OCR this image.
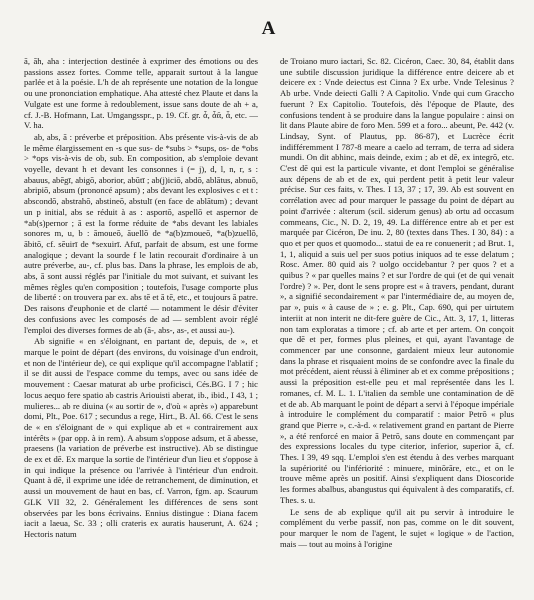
A

ā, āh, aha : interjection destinée à exprimer des émotions ou des passions assez fortes. Comme telle, apparait surtout à la langue parlée et à la poésie. L'h de ah représente une notation de la longue ou une prononciation emphatique. Aha attesté chez Plaute et dans la Vulgate est une forme à redoublement, issue sans doute de ah + a, cf. J.-B. Hofmann, Lat. Umgangsspr., p. 19. Cf. gr. ἆ, ἆᾶ, ἆ, etc. — V. ha.

ab, abs, ā : préverbe et préposition. Abs présente vis-à-vis de ab le même élargissement en -s que sus- de *subs > *sups, os- de *obs > *ops vis-à-vis de ob, sub. En composition, ab s'emploie devant voyelle, devant h et devant les consonnes i (= j), d, l, n, r, s : abauus, abēgī, abigō, aborior, abūtī ; ab(j)iciō, abdō, ablātus, abnuō, abripiō, absum (prononcé apsum) ; abs devant les explosives c et t : abscondō, abstrahō, abstineō, abstulī (en face de ablātum) ; devant un p initial, abs se réduit à as : asportō, aspellō et aspernor de *ab(s)pernor ; ā est la forme réduite de *abs devant les labiales sonores m, u, b : āmoueō, āuellō de *a(b)zmoueō, *a(b)zuellō, ābitō, cf. sēuirī de *sexuirī. Afuī, parfait de absum, est une forme analogique ; devant la sourde f le latin recourait d'ordinaire à un autre préverbe, au-, cf. plus bas. Dans la phrase, les emplois de ab, abs, ā sont aussi réglés par l'initiale du mot suivant, et suivant les mêmes règles qu'en composition ; toutefois, l'usage comporte plus de liberté : on trouvera par ex. abs tē et ā tē, etc., et toujours ā patre. Des raisons d'euphonie et de clarté — notamment le désir d'éviter des confusions avec les composés de ad — semblent avoir réglé l'emploi des diverses formes de ab (ā-, abs-, as-, et aussi au-).

Ab signifie « en s'éloignant, en partant de, depuis, de », et marque le point de départ (des environs, du voisinage d'un endroit, et non de l'intérieur de), ce qui explique qu'il accompagne l'ablatif ; il se dit aussi de l'espace comme du temps, avec ou sans idée de mouvement : Caesar maturat ab urbe proficisci, Cés.BG. I 7 ; hic locus aequo fere spatio ab castris Ariouisti aberat, ib., ibid., I 43, 1 ; mulieres... ab re diuina (« au sortir de », d'où « après ») apparebunt domi, Plt., Poe. 617 ; secundus a rege, Hirt., B. Al. 66. C'est le sens de « en s'éloignant de » qui explique ab et « contrairement aux intérêts » (par opp. à in rem). A absum s'oppose adsum, et ā abesse, praesens (la variation de préverbe est instructive). Ab se distingue de ex et dē. Ex marque la sortie de l'intérieur d'un lieu et s'oppose à in qui indique la présence ou l'arrivée à l'intérieur d'un endroit. Quant à dē, il exprime une idée de retranchement, de diminution, et aussi un mouvement de haut en bas, cf. Varron, fgm. ap. Scaurum GLK VII 32, 2. Généralement les différences de sens sont observées par les bons écrivains. Ennius distingue : Diana facem iacit a laeua, Sc. 33 ; olli crateris ex auratis hauserunt, A. 624 ; Hectoris natum

de Troiano muro iactari, Sc. 82. Cicéron, Caec. 30, 84, établit dans une subtile discussion juridique la différence entre deicere ab et deicere ex : Vnde deiectus est Cinna ? Ex urbe. Vnde Telesinus ? Ab urbe. Vnde deiecti Galli ? A Capitolio. Vnde qui cum Graccho fuerunt ? Ex Capitolio. Toutefois, dès l'époque de Plaute, des confusions tendent à se produire dans la langue populaire : ainsi on lit dans Plaute abire de foro Men. 599 et a foro... abeunt, Pe. 442 (v. Lindsay, Synt. of Plautus, pp. 86-87), et Lucrèce écrit indifféremment I 787-8 meare a caelo ad terram, de terra ad sidera mundi. On dit abhinc, mais deinde, exim ; ab et dē, ex integrō, etc. C'est dē qui est la particule vivante, et dont l'emploi se généralise aux dépens de ab et de ex, qui perdent petit à petit leur valeur précise. Sur ces faits, v. Thes. I 13, 37 ; 17, 39. Ab est souvent en corrélation avec ad pour marquer le passage du point de départ au point d'arrivée : alterum (scil. siderum genus) ab ortu ad occasum commeans, Cic., N. D. 2, 19, 49. La différence entre ab et per est marquée par Cicéron, De inu. 2, 80 (textes dans Thes. I 30, 84) : a quo et per quos et quomodo... statui de ea re conuenerit ; ad Brut. 1, 1, 1, aliquid a suis uel per suos potius iniquos ad te esse delatum ; Rosc. Amer. 80 quid ais ? uolgo occidebantur ? per quos ? et a quibus ? « par quelles mains ? et sur l'ordre de qui (et de qui venait l'ordre) ? ». Per, dont le sens propre est « à travers, pendant, durant », a signifié secondairement « par l'intermédiaire de, au moyen de, par », puis « à cause de » ; e. g. Plt., Cap. 690, qui per uirtutem interiit at non interit ne dit-fere guère de Cic., Att. 3, 17, 1, litteras non tam exploratas a timore ; cf. ab arte et per artem. On conçoit que dē et per, formes plus pleines, et qui, ayant l'avantage de commencer par une consonne, gardaient mieux leur autonomie dans la phrase et risquaient moins de se confondre avec la finale du mot précédent, aient réussi à éliminer ab et ex comme prépositions ; aussi la préposition est-elle peu et mal représentée dans les l. romanes, cf. M. L. 1. L'italien da semble une contamination de dē et de ab. Ab marquant le point de départ a servi à l'époque impériale à introduire le complément du comparatif : maior Petrō « plus grand que Pierre », c.-à-d. « relativement grand en partant de Pierre », a été renforcé en maior ā Petrō, sans doute en commençant par des expressions locales du type citerior, inferior, superior ā, cf. Thes. I 39, 49 sqq. L'emploi s'en est étendu à des verbes marquant la supériorité ou l'infériorité : minuere, minōrāre, etc., et on le trouve même après un positif. Ainsi s'expliquent dans Dioscoride les formes abalbus, abangustus qui équivalent à des comparatifs, cf. Thes. s. u.

Le sens de ab explique qu'il ait pu servir à introduire le complément du verbe passif, non pas, comme on le dit souvent, pour marquer le nom de l'agent, le sujet « logique » de l'action, mais — tout au moins à l'origine
